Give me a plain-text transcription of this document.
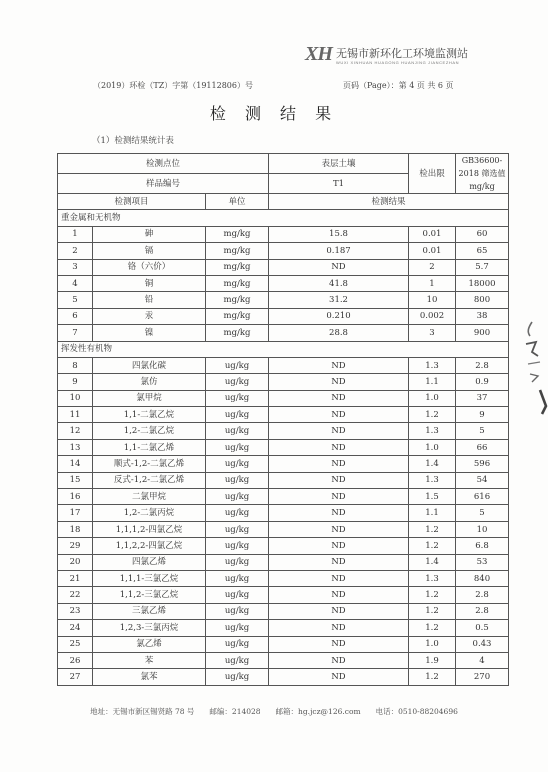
XH 无锡市新环化工环境监测站
WUXI XINHUAN HUAGONG HUANJING JIANCEZHAN
（2019）环检（TZ）字第（19112806）号	页码（Page）：第 4 页 共 6 页
检 测 结 果
（1）检测结果统计表
检测点位			表层土壤	检出限	GB36600-2018 筛选值 mg/kg
样品编号			T1		
检测项目		单位	检测结果		
重金属和无机物					
1	砷	mg/kg	15.8	0.01	60
2	镉	mg/kg	0.187	0.01	65
3	铬（六价）	mg/kg	ND	2	5.7
4	铜	mg/kg	41.8	1	18000
5	铅	mg/kg	31.2	10	800
6	汞	mg/kg	0.210	0.002	38
7	镍	mg/kg	28.8	3	900
挥发性有机物					
8	四氯化碳	ug/kg	ND	1.3	2.8
9	氯仿	ug/kg	ND	1.1	0.9
10	氯甲烷	ug/kg	ND	1.0	37
11	1,1-二氯乙烷	ug/kg	ND	1.2	9
12	1,2-二氯乙烷	ug/kg	ND	1.3	5
13	1,1-二氯乙烯	ug/kg	ND	1.0	66
14	顺式-1,2-二氯乙烯	ug/kg	ND	1.4	596
15	反式-1,2-二氯乙烯	ug/kg	ND	1.3	54
16	二氯甲烷	ug/kg	ND	1.5	616
17	1,2-二氯丙烷	ug/kg	ND	1.1	5
18	1,1,1,2-四氯乙烷	ug/kg	ND	1.2	10
29	1,1,2,2-四氯乙烷	ug/kg	ND	1.2	6.8
20	四氯乙烯	ug/kg	ND	1.4	53
21	1,1,1-三氯乙烷	ug/kg	ND	1.3	840
22	1,1,2-三氯乙烷	ug/kg	ND	1.2	2.8
23	三氯乙烯	ug/kg	ND	1.2	2.8
24	1,2,3-三氯丙烷	ug/kg	ND	1.2	0.5
25	氯乙烯	ug/kg	ND	1.0	0.43
26	苯	ug/kg	ND	1.9	4
27	氯苯	ug/kg	ND	1.2	270
地址：无锡市新区锡贤路 78 号　　邮编：214028　　邮箱：hg.jcz@126.com　　电话：0510-88204696
